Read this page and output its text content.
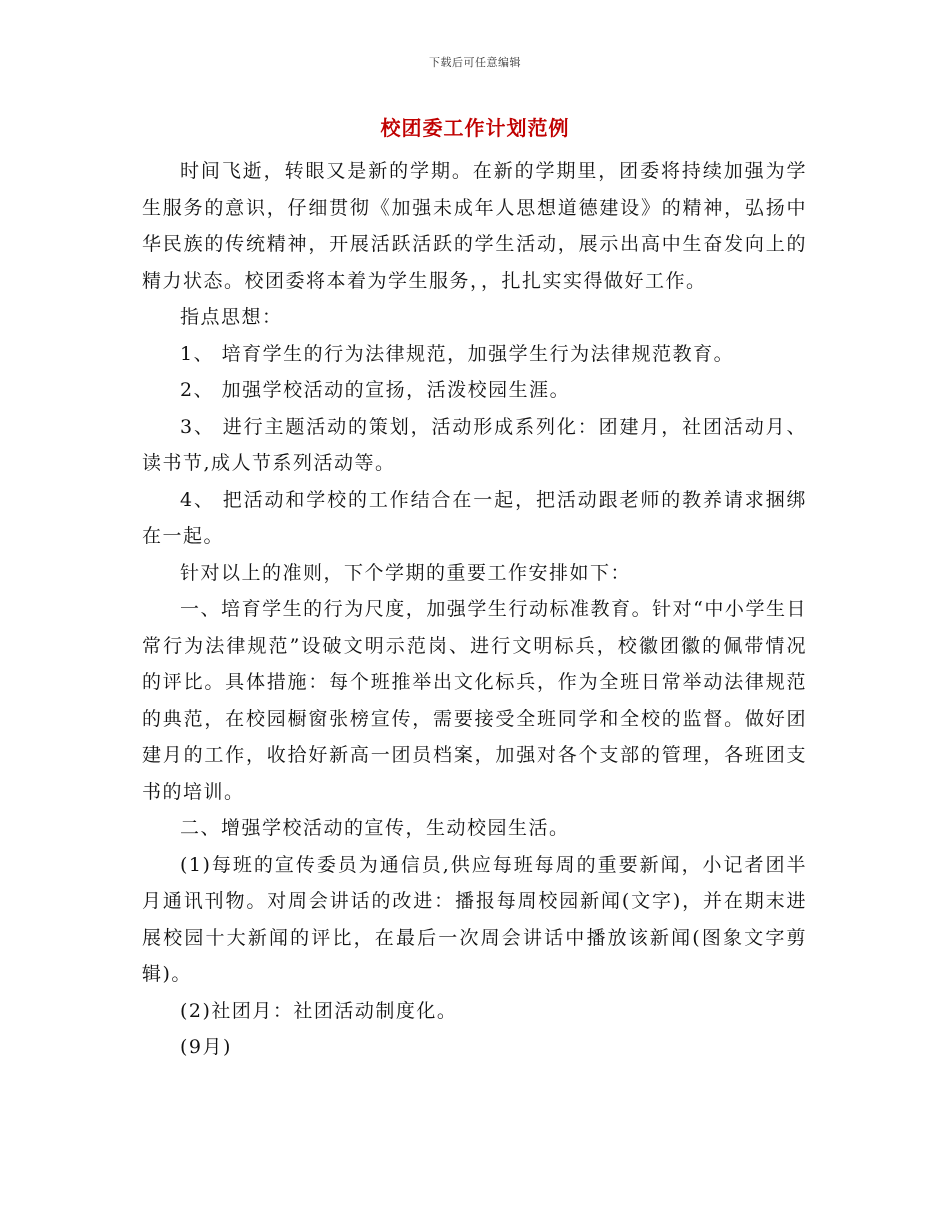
下载后可任意编辑
校团委工作计划范例

时间飞逝，转眼又是新的学期。在新的学期里，团委将持续加强为学生服务的意识，仔细贯彻《加强未成年人思想道德建设》的精神，弘扬中华民族的传统精神，开展活跃活跃的学生活动，展示出高中生奋发向上的精力状态。校团委将本着为学生服务，，扎扎实实得做好工作。

指点思想：

1、 培育学生的行为法律规范，加强学生行为法律规范教育。

2、 加强学校活动的宣扬，活泼校园生涯。

3、 进行主题活动的策划，活动形成系列化：团建月，社团活动月、读书节,成人节系列活动等。

4、 把活动和学校的工作结合在一起，把活动跟老师的教养请求捆绑在一起。

针对以上的准则，下个学期的重要工作安排如下：

一、培育学生的行为尺度，加强学生行动标准教育。针对“中小学生日常行为法律规范”设破文明示范岗、进行文明标兵，校徽团徽的佩带情况的评比。具体措施：每个班推举出文化标兵，作为全班日常举动法律规范的典范，在校园橱窗张榜宣传，需要接受全班同学和全校的监督。做好团建月的工作，收拾好新高一团员档案，加强对各个支部的管理，各班团支书的培训。

二、增强学校活动的宣传，生动校园生活。

(1)每班的宣传委员为通信员,供应每班每周的重要新闻，小记者团半月通讯刊物。对周会讲话的改进：播报每周校园新闻(文字)，并在期末进展校园十大新闻的评比，在最后一次周会讲话中播放该新闻(图象文字剪辑)。

(2)社团月：社团活动制度化。

(9月)
